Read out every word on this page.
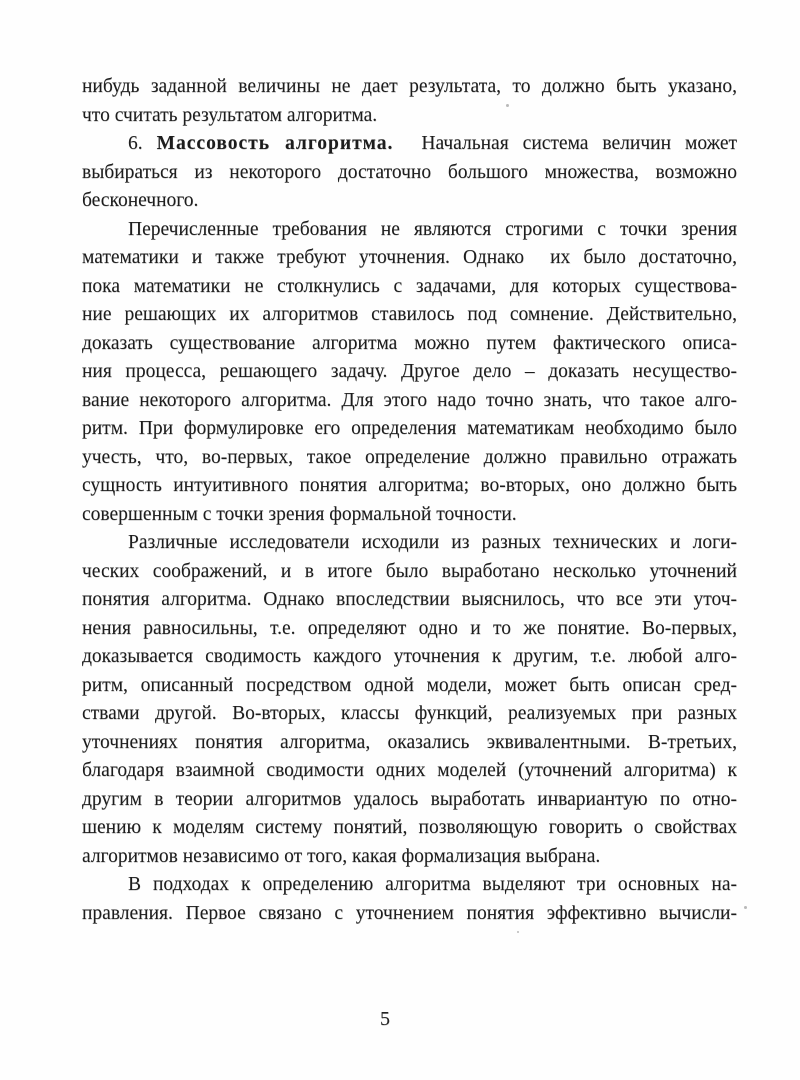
нибудь заданной величины не дает результата, то должно быть указано,
что считать результатом алгоритма.
6. Массовость алгоритма.  Начальная система величин может
выбираться из некоторого достаточно большого множества, возможно
бесконечного.
Перечисленные требования не являются строгими с точки зрения
математики и также требуют уточнения. Однако  их было достаточно,
пока математики не столкнулись с задачами, для которых существова-
ние решающих их алгоритмов ставилось под сомнение. Действительно,
доказать существование алгоритма можно путем фактического описа-
ния процесса, решающего задачу. Другое дело – доказать несущество-
вание некоторого алгоритма. Для этого надо точно знать, что такое алго-
ритм. При формулировке его определения математикам необходимо было
учесть, что, во-первых, такое определение должно правильно отражать
сущность интуитивного понятия алгоритма; во-вторых, оно должно быть
совершенным с точки зрения формальной точности.
Различные исследователи исходили из разных технических и логи-
ческих соображений, и в итоге было выработано несколько уточнений
понятия алгоритма. Однако впоследствии выяснилось, что все эти уточ-
нения равносильны, т.е. определяют одно и то же понятие. Во-первых,
доказывается сводимость каждого уточнения к другим, т.е. любой алго-
ритм, описанный посредством одной модели, может быть описан сред-
ствами другой. Во-вторых, классы функций, реализуемых при разных
уточнениях понятия алгоритма, оказались эквивалентными. В-третьих,
благодаря взаимной сводимости одних моделей (уточнений алгоритма) к
другим в теории алгоритмов удалось выработать инвариантую по отно-
шению к моделям систему понятий, позволяющую говорить о свойствах
алгоритмов независимо от того, какая формализация выбрана.
В подходах к определению алгоритма выделяют три основных на-
правления. Первое связано с уточнением понятия эффективно вычисли-
5
